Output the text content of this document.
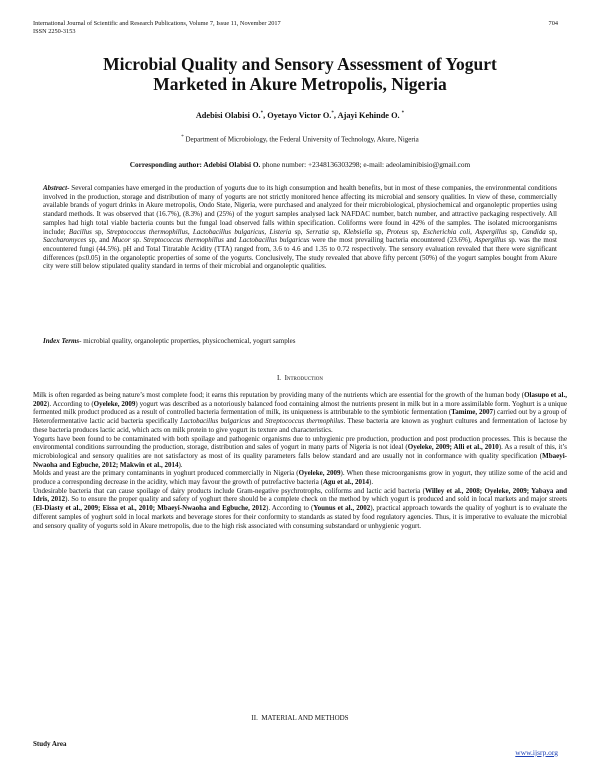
International Journal of Scientific and Research Publications, Volume 7, Issue 11, November 2017
ISSN 2250-3153
704
Microbial Quality and Sensory Assessment of Yogurt
Marketed in Akure Metropolis, Nigeria
Adebisi Olabisi O.*, Oyetayo Victor O.*, Ajayi Kehinde O. *
* Department of Microbiology, the Federal University of Technology, Akure, Nigeria
Corresponding author: Adebisi Olabisi O. phone number: +2348136303298; e-mail: adeolaminibisio@gmail.com
Abstract- Several companies have emerged in the production of yogurts due to its high consumption and health benefits, but in most of these companies, the environmental conditions involved in the production, storage and distribution of many of yogurts are not strictly monitored hence affecting its microbial and sensory qualities. In view of these, commercially available brands of yogurt drinks in Akure metropolis, Ondo State, Nigeria, were purchased and analyzed for their microbiological, physiochemical and organoleptic properties using standard methods. It was observed that (16.7%), (8.3%) and (25%) of the yogurt samples analysed lack NAFDAC number, batch number, and attractive packaging respectively. All samples had high total viable bacteria counts but the fungal load observed falls within specification. Coliforms were found in 42% of the samples. The isolated microorganisms include; Bacillus sp, Streptococcus thermophillus, Lactobacillus bulgaricus, Listeria sp, Serratia sp, Klebsiella sp, Proteus sp, Escherichia coli, Aspergillus sp, Candida sp, Saccharomyces sp, and Mucor sp. Streptococcus thermophillus and Lactobacillus bulgaricus were the most prevailing bacteria encountered (23.6%), Aspergillus sp. was the most encountered fungi (44.5%). pH and Total Titratable Acidity (TTA) ranged from, 3.6 to 4.6 and 1.35 to 0.72 respectively. The sensory evaluation revealed that there were significant differences (p≤0.05) in the organoleptic properties of some of the yogurts. Conclusively, The study revealed that above fifty percent (50%) of the yogurt samples bought from Akure city were still below stipulated quality standard in terms of their microbial and organoleptic qualities.
Index Terms- microbial quality, organoleptic properties, physicochemical, yogurt samples
I. Introduction

Milk is often regarded as being nature’s most complete food; it earns this reputation by providing many of the nutrients which are essential for the growth of the human body (Olasupo et al., 2002). According to (Oyeleke, 2009) yogurt was described as a notoriously balanced food containing almost the nutrients present in milk but in a more assimilable form. Yoghurt is a unique fermented milk product produced as a result of controlled bacteria fermentation of milk, its uniqueness is attributable to the symbiotic fermentation (Tamime, 2007) carried out by a group of Heterofermentative lactic acid bacteria specifically Lactobacillus bulgaricus and Streptococcus thermophilus. These bacteria are known as yoghurt cultures and fermentation of lactose by these bacteria produces lactic acid, which acts on milk protein to give yogurt its texture and characteristics.

Yogurts have been found to be contaminated with both spoilage and pathogenic organisms due to unhygienic pre production, production and post production processes. This is because the environmental conditions surrounding the production, storage, distribution and sales of yogurt in many parts of Nigeria is not ideal (Oyeleke, 2009; Alli et al., 2010). As a result of this, it’s microbiological and sensory qualities are not satisfactory as most of its quality parameters falls below standard and are usually not in conformance with quality specification (Mbaeyi-Nwaoha and Egbuche, 2012; Makwin et al., 2014).

Molds and yeast are the primary contaminants in yoghurt produced commercially in Nigeria (Oyeleke, 2009). When these microorganisms grow in yogurt, they utilize some of the acid and produce a corresponding decrease in the acidity, which may favour the growth of putrefactive bacteria (Agu et al., 2014).

Undesirable bacteria that can cause spoilage of dairy products include Gram-negative psychrotrophs, coliforms and lactic acid bacteria (Willey et al., 2008; Oyeleke, 2009; Yabaya and Idris, 2012). So to ensure the proper quality and safety of yoghurt there should be a complete check on the method by which yogurt is produced and sold in local markets and major streets (El-Diasty et al., 2009; Eissa et al., 2010; Mbaeyi-Nwaoha and Egbuche, 2012). According to (Younus et al., 2002), practical approach towards the quality of yoghurt is to evaluate the different samples of yoghurt sold in local markets and beverage stores for their conformity to standards as stated by food regulatory agencies. Thus, it is imperative to evaluate the microbial and sensory quality of yogurts sold in Akure metropolis, due to the high risk associated with consuming substandard or unhygienic yogurt.

II. MATERIAL AND METHODS
Study Area
www.ijsrp.org
